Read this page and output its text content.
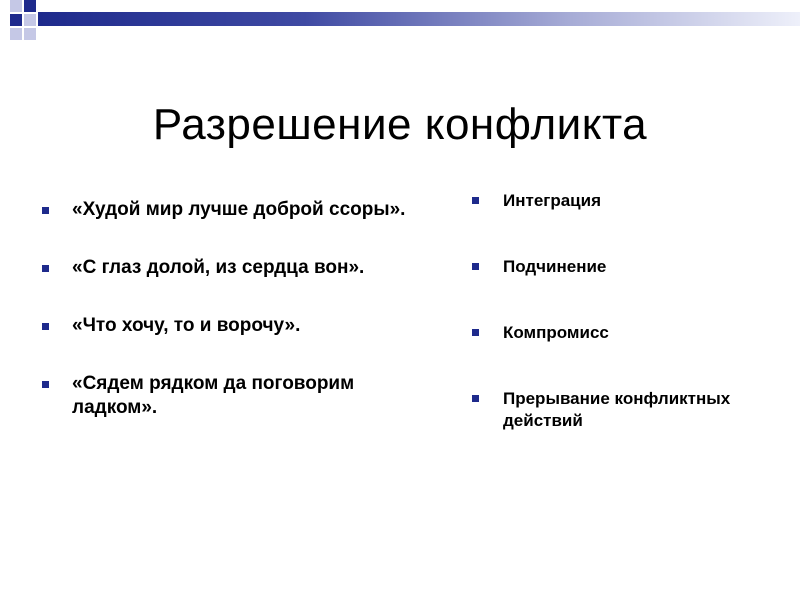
Разрешение конфликта
«Худой мир лучше доброй ссоры».
«С глаз долой, из сердца вон».
«Что хочу, то и ворочу».
«Сядем рядком да поговорим ладком».
Интеграция
Подчинение
Компромисс
Прерывание конфликтных действий
